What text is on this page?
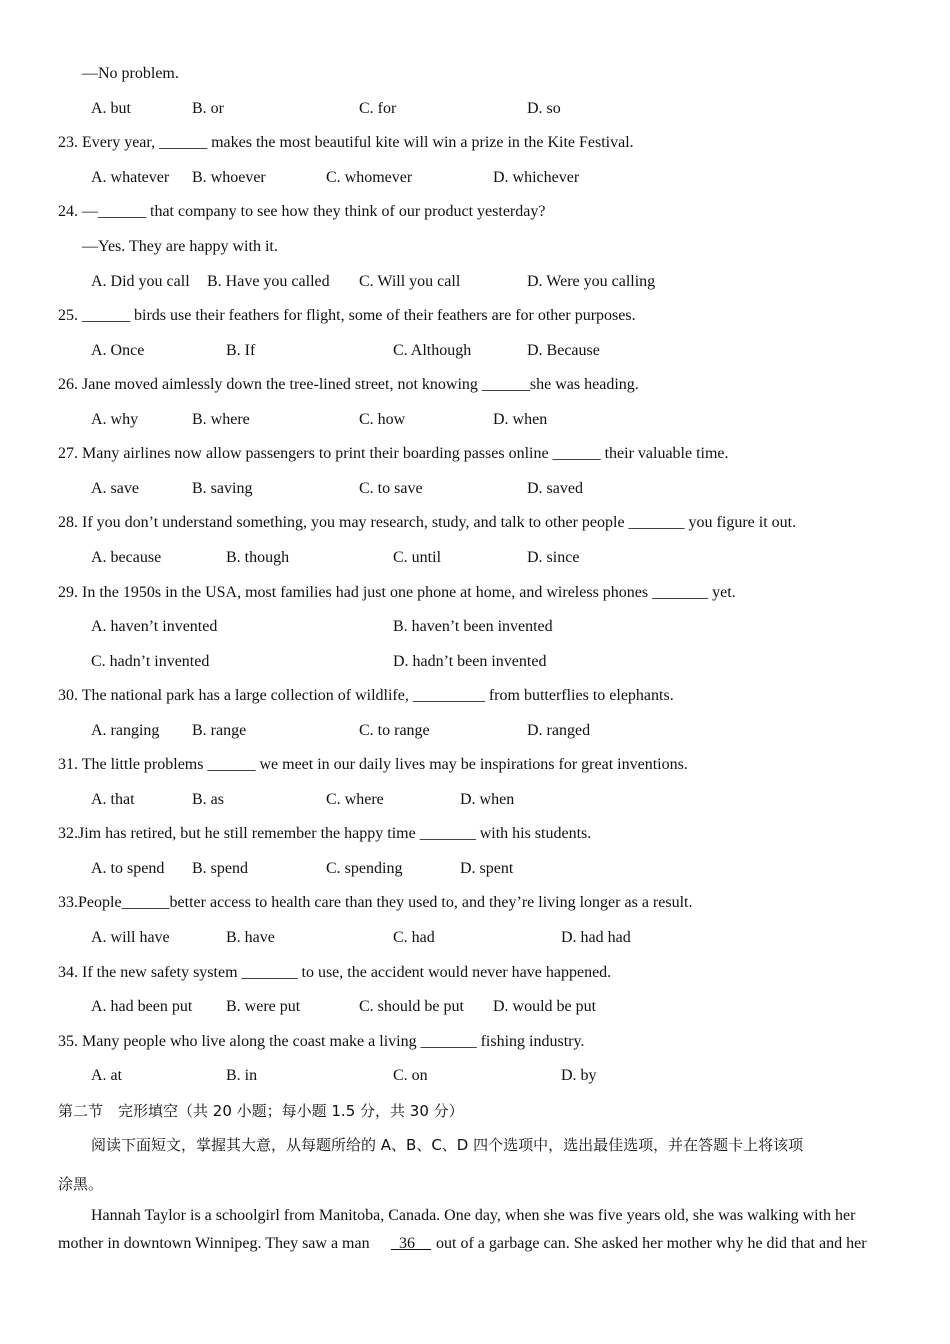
—No problem.
A. but	B. or	C. for	D. so
23. Every year, ______ makes the most beautiful kite will win a prize in the Kite Festival.
A. whatever B. whoever	C. whomever	D. whichever
24. —______ that company to see how they think of our product yesterday?
—Yes. They are happy with it.
A. Did you call B. Have you called C. Will you call	D. Were you calling
25. ______ birds use their feathers for flight, some of their feathers are for other purposes.
A. Once	B. If	C. Although	D. Because
26. Jane moved aimlessly down the tree-lined street, not knowing ______she was heading.
A. why	B. where	C. how	D. when
27. Many airlines now allow passengers to print their boarding passes online ______ their valuable time.
A. save	B. saving	C. to save	D. saved
28. If you don’t understand something, you may research, study, and talk to other people _______ you figure it out.
A. because	B. though	C. until	D. since
29. In the 1950s in the USA, most families had just one phone at home, and wireless phones _______ yet.
A. haven’t invented	B. haven’t been invented
C. hadn’t invented	D. hadn’t been invented
30. The national park has a large collection of wildlife, _________ from butterflies to elephants.
A. ranging B. range	C. to range	D. ranged
31. The little problems ______ we meet in our daily lives may be inspirations for great inventions.
A. that	B. as	C. where	D. when
32.Jim has retired, but he still remember the happy time _______ with his students.
A. to spend B. spend	C. spending	D. spent
33.People______better access to health care than they used to, and they’re living longer as a result.
A. will have	B. have	C. had	D. had had
34. If the new safety system _______ to use, the accident would never have happened.
A. had been put B. were put	C. should be put D. would be put
35. Many people who live along the coast make a living _______ fishing industry.
A. at	B. in	C. on	D. by
第二节　完形填空（共 20 小题；每小题 1.5 分，共 30 分）
阅读下面短文，掌握其大意，从每题所给的 A、B、C、D 四个选项中，选出最佳选项，并在答题卡上将该项
涂黑。
Hannah Taylor is a schoolgirl from Manitoba, Canada. One day, when she was five years old, she was walking with her
mother in downtown Winnipeg. They saw a man _36__ out of a garbage can. She asked her mother why he did that and her
